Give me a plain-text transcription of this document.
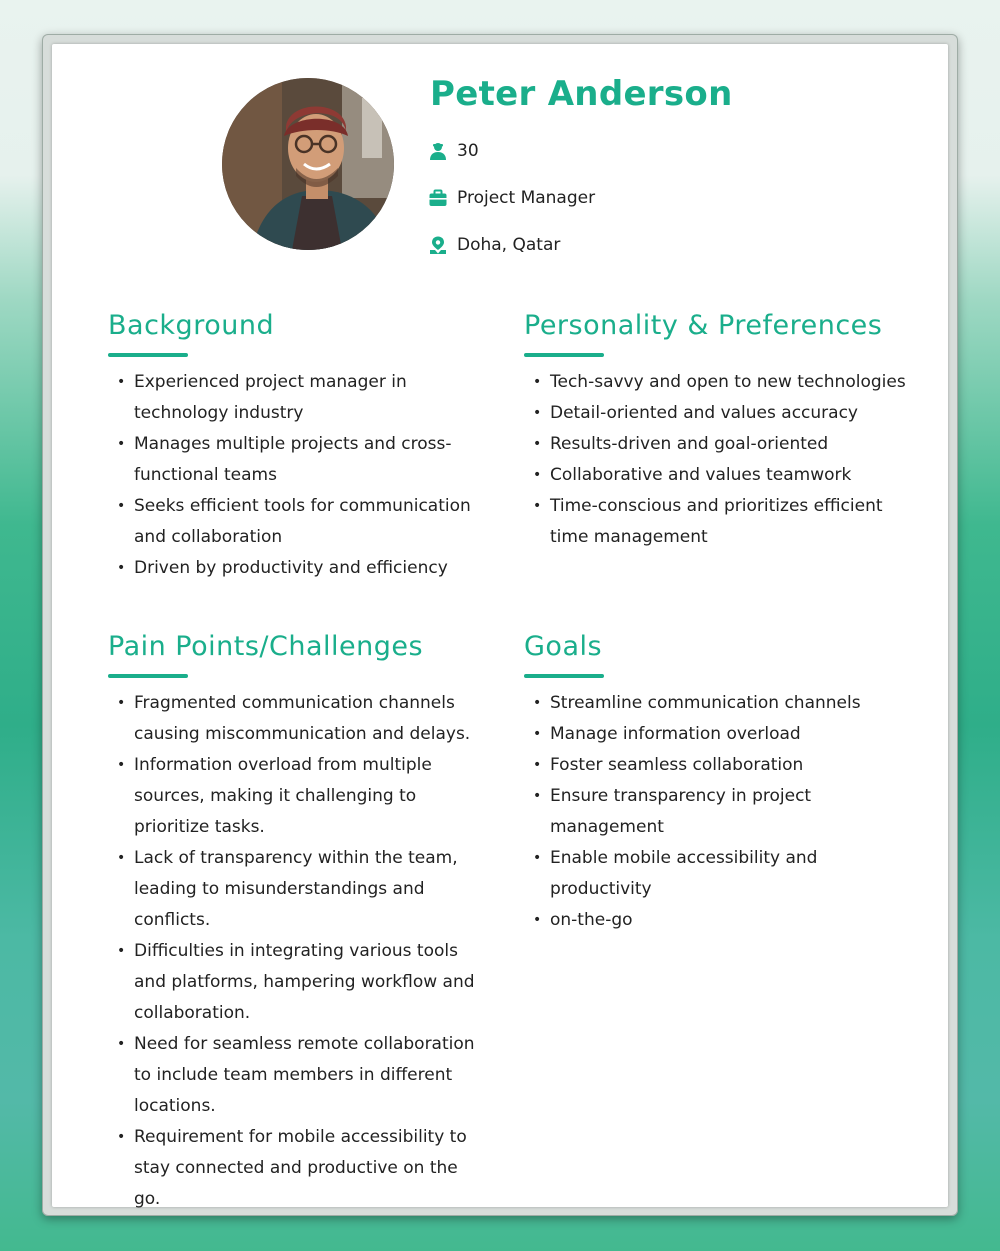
Peter Anderson
30
Project Manager
Doha, Qatar
Background
• Experienced project manager in technology industry
• Manages multiple projects and cross-functional teams
• Seeks efficient tools for communication and collaboration
• Driven by productivity and efficiency
Personality & Preferences
• Tech-savvy and open to new technologies
• Detail-oriented and values accuracy
• Results-driven and goal-oriented
• Collaborative and values teamwork
• Time-conscious and prioritizes efficient time management
Pain Points/Challenges
• Fragmented communication channels causing miscommunication and delays.
• Information overload from multiple sources, making it challenging to prioritize tasks.
• Lack of transparency within the team, leading to misunderstandings and conflicts.
• Difficulties in integrating various tools and platforms, hampering workflow and collaboration.
• Need for seamless remote collaboration to include team members in different locations.
• Requirement for mobile accessibility to stay connected and productive on the go.
Goals
• Streamline communication channels
• Manage information overload
• Foster seamless collaboration
• Ensure transparency in project management
• Enable mobile accessibility and productivity
• on-the-go
